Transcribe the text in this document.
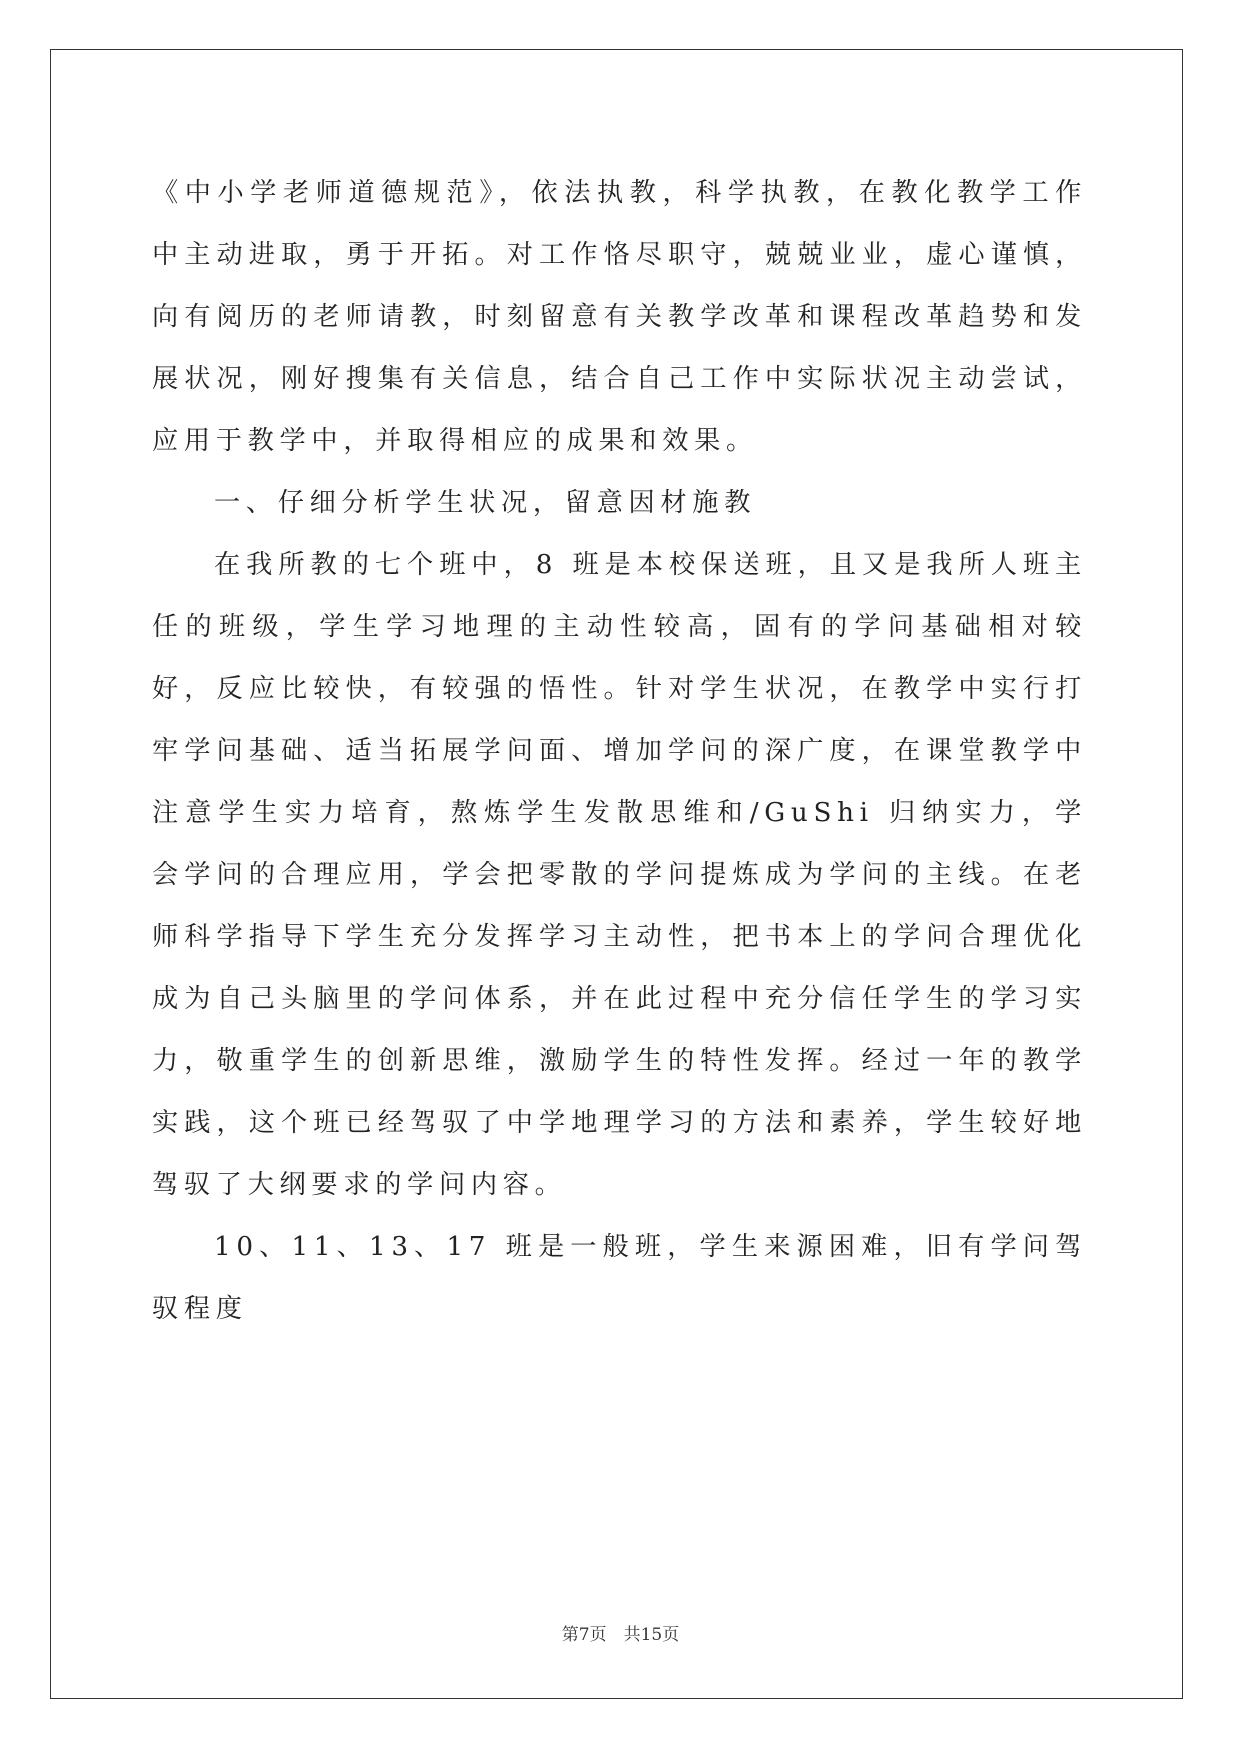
《中小学老师道德规范》，依法执教，科学执教，在教化教学工作中主动进取，勇于开拓。对工作恪尽职守，兢兢业业，虚心谨慎，向有阅历的老师请教，时刻留意有关教学改革和课程改革趋势和发展状况，刚好搜集有关信息，结合自己工作中实际状况主动尝试，应用于教学中，并取得相应的成果和效果。

一、仔细分析学生状况，留意因材施教

在我所教的七个班中，8 班是本校保送班，且又是我所人班主任的班级，学生学习地理的主动性较高，固有的学问基础相对较好，反应比较快，有较强的悟性。针对学生状况，在教学中实行打牢学问基础、适当拓展学问面、增加学问的深广度，在课堂教学中注意学生实力培育，熬炼学生发散思维和/GuShi 归纳实力，学会学问的合理应用，学会把零散的学问提炼成为学问的主线。在老师科学指导下学生充分发挥学习主动性，把书本上的学问合理优化成为自己头脑里的学问体系，并在此过程中充分信任学生的学习实力，敬重学生的创新思维，激励学生的特性发挥。经过一年的教学实践，这个班已经驾驭了中学地理学习的方法和素养，学生较好地驾驭了大纲要求的学问内容。

10、11、13、17 班是一般班，学生来源困难，旧有学问驾驭程度

第7页　共15页
